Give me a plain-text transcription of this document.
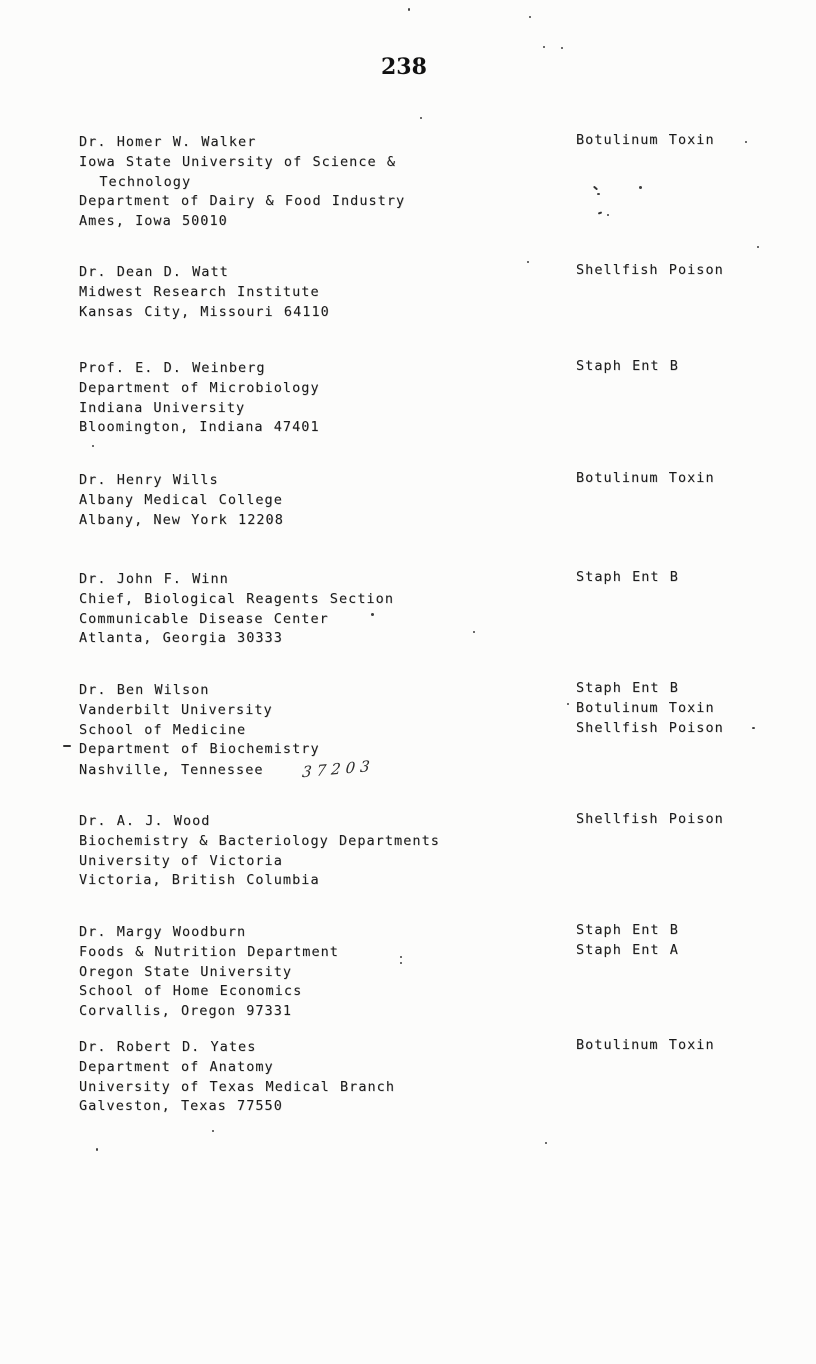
238
Dr. Homer W. Walker
Iowa State University of Science &
Technology
Department of Dairy & Food Industry
Ames, Iowa 50010
Botulinum Toxin
Dr. Dean D. Watt
Midwest Research Institute
Kansas City, Missouri 64110
Shellfish Poison
Prof. E. D. Weinberg
Department of Microbiology
Indiana University
Bloomington, Indiana 47401
Staph Ent B
Dr. Henry Wills
Albany Medical College
Albany, New York 12208
Botulinum Toxin
Dr. John F. Winn
Chief, Biological Reagents Section
Communicable Disease Center
Atlanta, Georgia 30333
Staph Ent B
Dr. Ben Wilson
Vanderbilt University
School of Medicine
Department of Biochemistry
Nashville, Tennessee 37203
Staph Ent B
Botulinum Toxin
Shellfish Poison
Dr. A. J. Wood
Biochemistry & Bacteriology Departments
University of Victoria
Victoria, British Columbia
Shellfish Poison
Dr. Margy Woodburn
Foods & Nutrition Department
Oregon State University
School of Home Economics
Corvallis, Oregon 97331
Staph Ent B
Staph Ent A
Dr. Robert D. Yates
Department of Anatomy
University of Texas Medical Branch
Galveston, Texas 77550
Botulinum Toxin
